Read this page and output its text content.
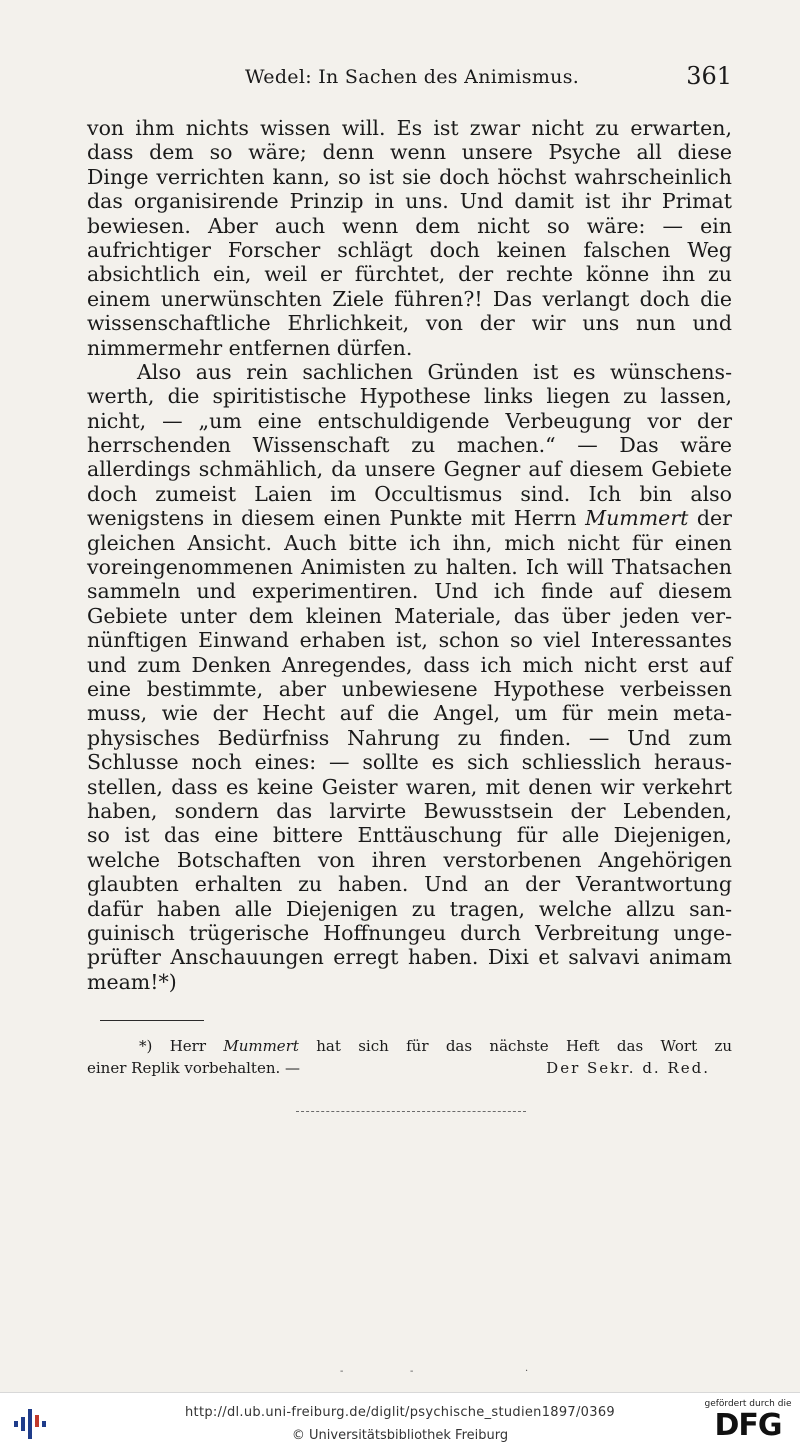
Wedel: In Sachen des Animismus.	361
von ihm nichts wissen will. Es ist zwar nicht zu erwarten,
dass dem so wäre; denn wenn unsere Psyche all diese
Dinge verrichten kann, so ist sie doch höchst wahrscheinlich
das organisirende Prinzip in uns. Und damit ist ihr Primat
bewiesen. Aber auch wenn dem nicht so wäre: — ein
aufrichtiger Forscher schlägt doch keinen falschen Weg
absichtlich ein, weil er fürchtet, der rechte könne ihn zu
einem unerwünschten Ziele führen?! Das verlangt doch die
wissenschaftliche Ehrlichkeit, von der wir uns nun und
nimmermehr entfernen dürfen.
Also aus rein sachlichen Gründen ist es wünschens-
werth, die spiritistische Hypothese links liegen zu lassen,
nicht, — „um eine entschuldigende Verbeugung vor der
herrschenden Wissenschaft zu machen.“ — Das wäre
allerdings schmählich, da unsere Gegner auf diesem Gebiete
doch zumeist Laien im Occultismus sind. Ich bin also
wenigstens in diesem einen Punkte mit Herrn Mummert der
gleichen Ansicht. Auch bitte ich ihn, mich nicht für einen
voreingenommenen Animisten zu halten. Ich will Thatsachen
sammeln und experimentiren. Und ich finde auf diesem
Gebiete unter dem kleinen Materiale, das über jeden ver-
nünftigen Einwand erhaben ist, schon so viel Interessantes
und zum Denken Anregendes, dass ich mich nicht erst auf
eine bestimmte, aber unbewiesene Hypothese verbeissen
muss, wie der Hecht auf die Angel, um für mein meta-
physisches Bedürfniss Nahrung zu finden. — Und zum
Schlusse noch eines: — sollte es sich schliesslich heraus-
stellen, dass es keine Geister waren, mit denen wir verkehrt
haben, sondern das larvirte Bewusstsein der Lebenden,
so ist das eine bittere Enttäuschung für alle Diejenigen,
welche Botschaften von ihren verstorbenen Angehörigen
glaubten erhalten zu haben. Und an der Verantwortung
dafür haben alle Diejenigen zu tragen, welche allzu san-
guinisch trügerische Hoffnungeu durch Verbreitung unge-
prüfter Anschauungen erregt haben. Dixi et salvavi animam
meam!*)
*) Herr Mummert hat sich für das nächste Heft das Wort zu
einer Replik vorbehalten. —	Der Sekr. d. Red.
-	-	·
http://dl.ub.uni-freiburg.de/diglit/psychische_studien1897/0369
© Universitätsbibliothek Freiburg
gefördert durch die
DFG
